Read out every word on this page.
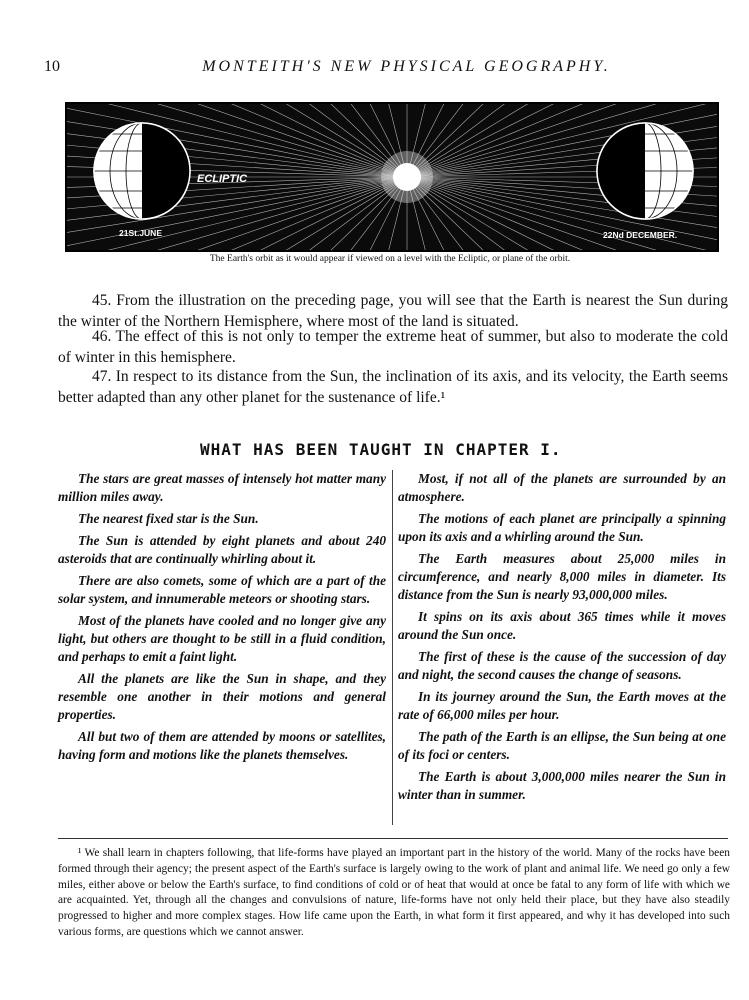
10	MONTEITH'S NEW PHYSICAL GEOGRAPHY.
ECLIPTIC
21St.JUNE	22Nd DECEMBER.
The Earth's orbit as it would appear if viewed on a level with the Ecliptic, or plane of the orbit.
45. From the illustration on the preceding page, you will see that the Earth is nearest the Sun during the winter of the Northern Hemisphere, where most of the land is situated.
46. The effect of this is not only to temper the extreme heat of summer, but also to moderate the cold of winter in this hemisphere.
47. In respect to its distance from the Sun, the inclination of its axis, and its velocity, the Earth seems better adapted than any other planet for the sustenance of life.¹
WHAT HAS BEEN TAUGHT IN CHAPTER I.

The stars are great masses of intensely hot matter many million miles away.

The nearest fixed star is the Sun.

The Sun is attended by eight planets and about 240 asteroids that are continually whirling about it.

There are also comets, some of which are a part of the solar system, and innumerable meteors or shooting stars.

Most of the planets have cooled and no longer give any light, but others are thought to be still in a fluid condition, and perhaps to emit a faint light.

All the planets are like the Sun in shape, and they resemble one another in their motions and general properties.

All but two of them are attended by moons or satellites, having form and motions like the planets themselves.

Most, if not all of the planets are surrounded by an atmosphere.

The motions of each planet are principally a spinning upon its axis and a whirling around the Sun.

The Earth measures about 25,000 miles in circumference, and nearly 8,000 miles in diameter. Its distance from the Sun is nearly 93,000,000 miles.

It spins on its axis about 365 times while it moves around the Sun once.

The first of these is the cause of the succession of day and night, the second causes the change of seasons.

In its journey around the Sun, the Earth moves at the rate of 66,000 miles per hour.

The path of the Earth is an ellipse, the Sun being at one of its foci or centers.

The Earth is about 3,000,000 miles nearer the Sun in winter than in summer.

¹ We shall learn in chapters following, that life-forms have played an important part in the history of the world. Many of the rocks have been formed through their agency; the present aspect of the Earth's surface is largely owing to the work of plant and animal life. We need go only a few miles, either above or below the Earth's surface, to find conditions of cold or of heat that would at once be fatal to any form of life with which we are acquainted. Yet, through all the changes and convulsions of nature, life-forms have not only held their place, but they have also steadily progressed to higher and more complex stages. How life came upon the Earth, in what form it first appeared, and why it has developed into such various forms, are questions which we cannot answer.
